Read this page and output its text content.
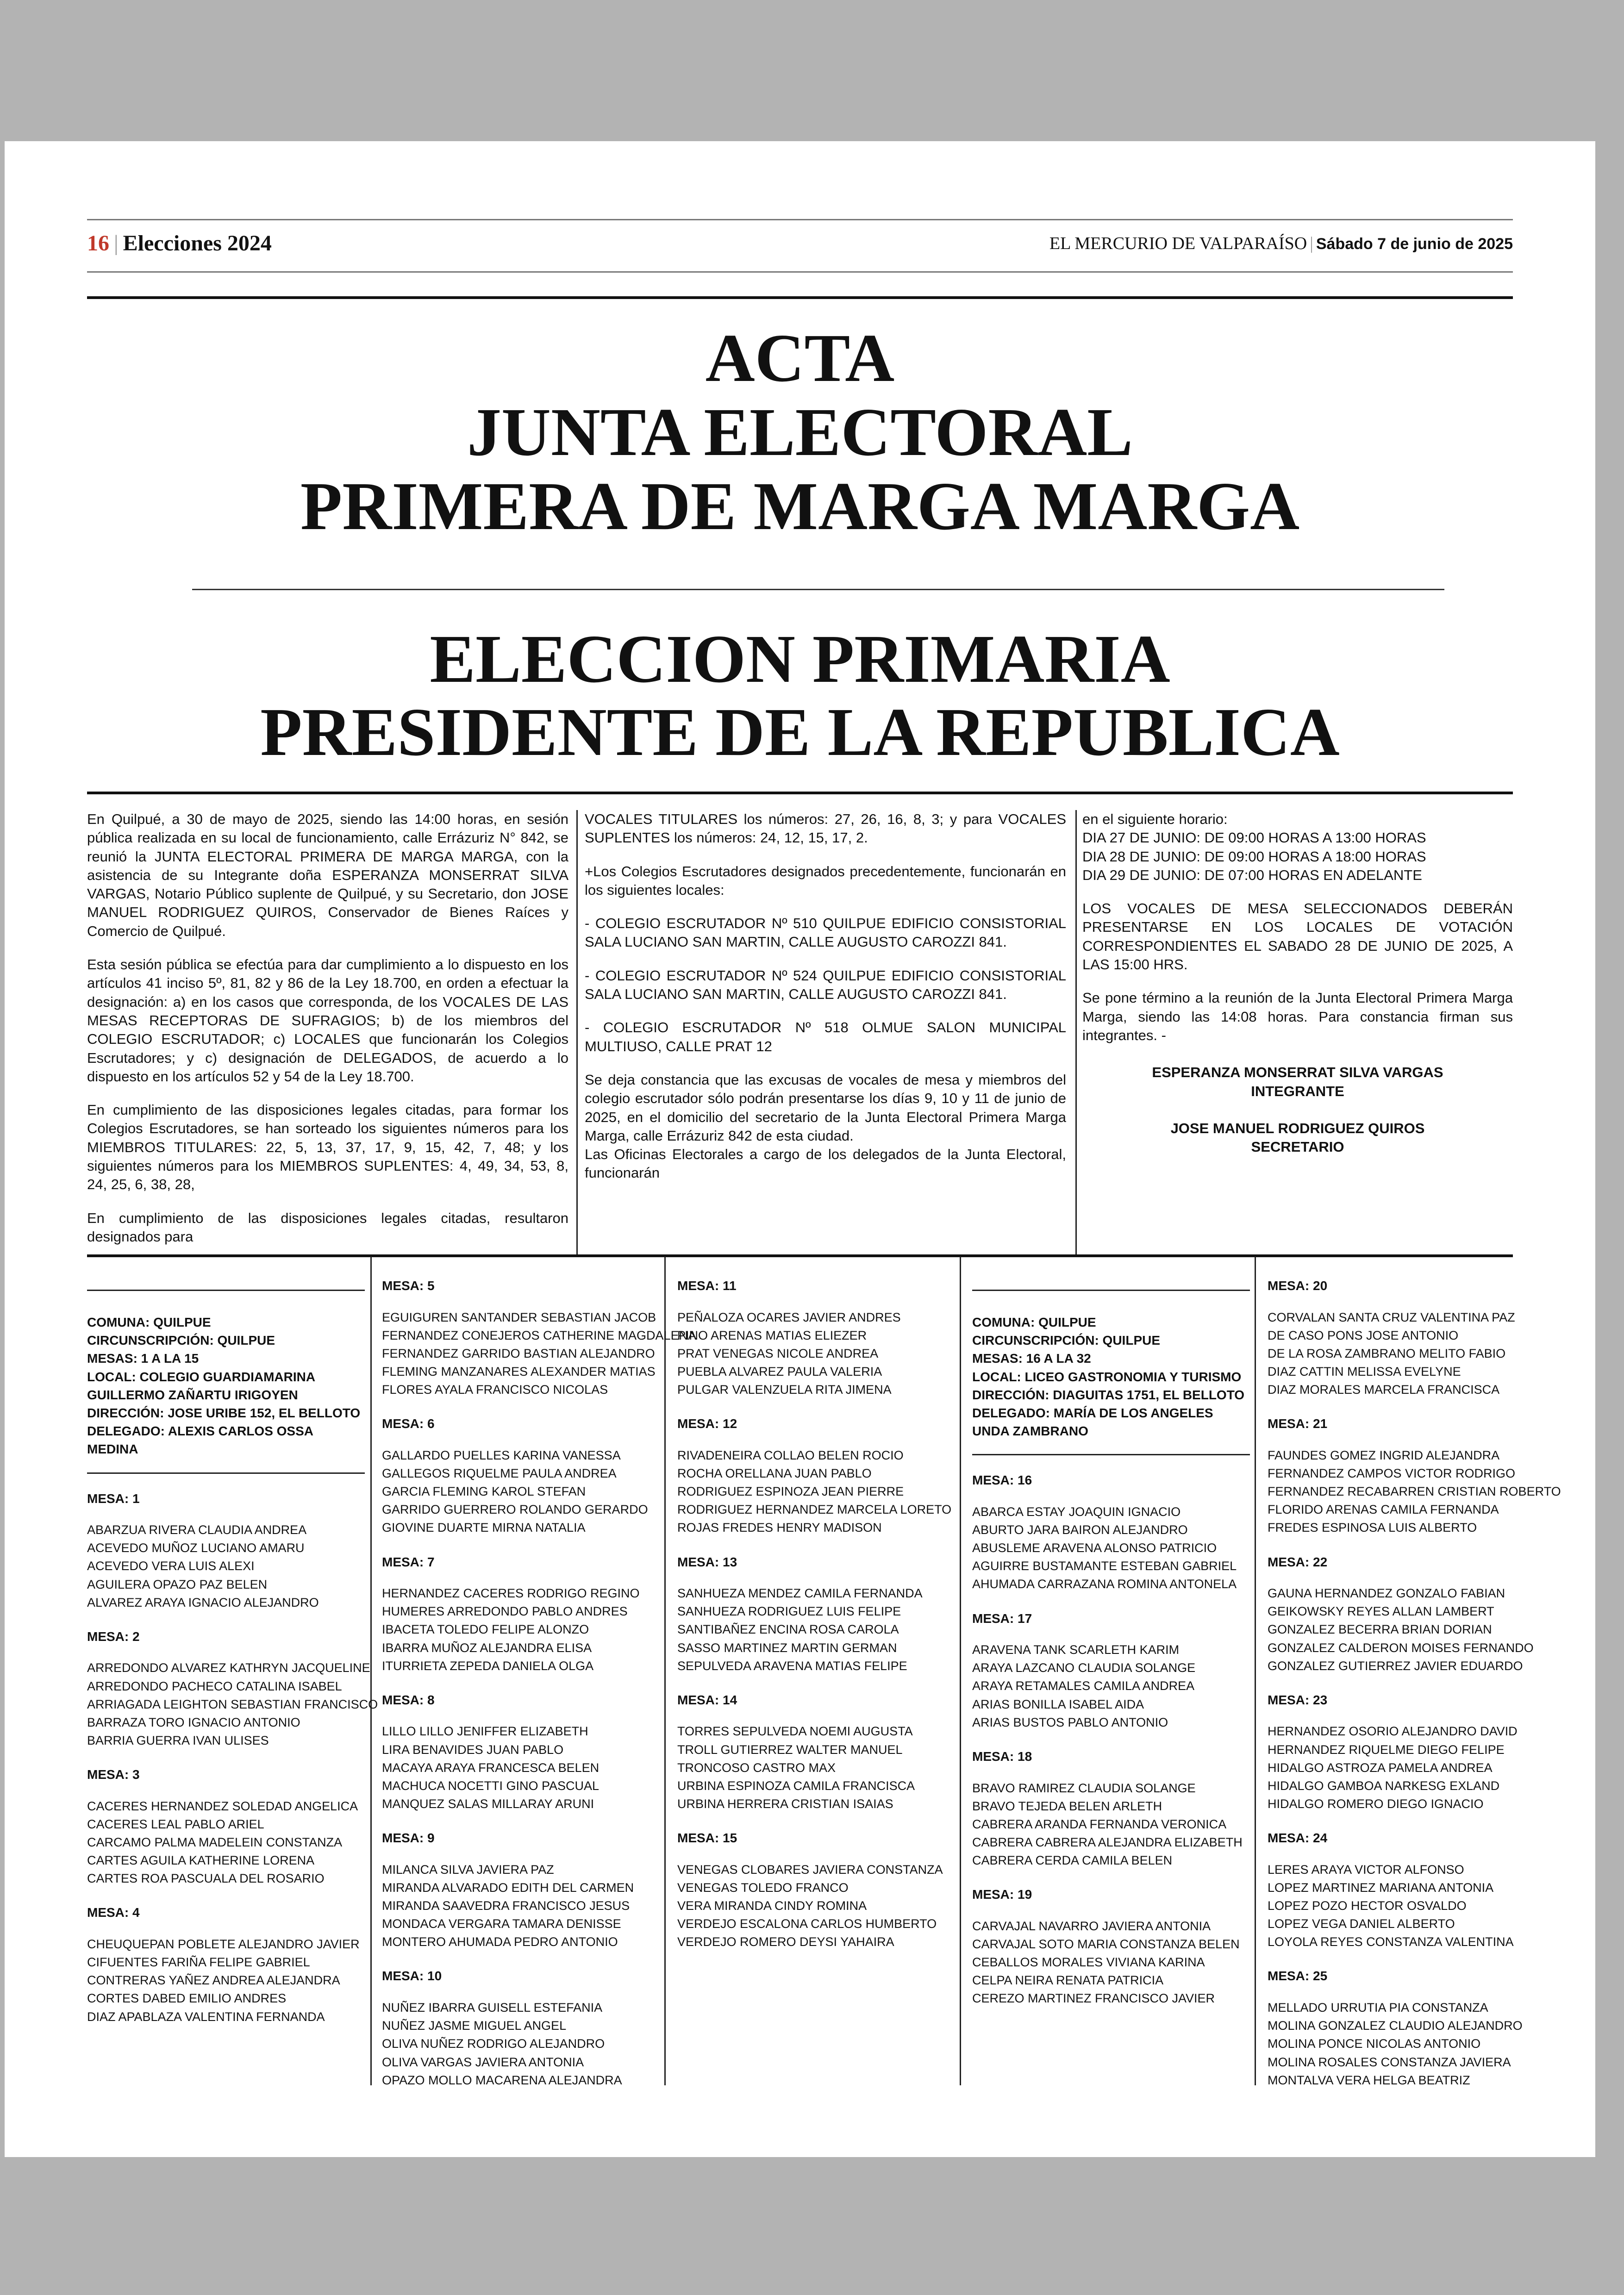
16 | Elecciones 2024	EL MERCURIO DE VALPARAÍSO | Sábado 7 de junio de 2025
ACTA
JUNTA ELECTORAL
PRIMERA DE MARGA MARGA
ELECCION PRIMARIA
PRESIDENTE DE LA REPUBLICA

En Quilpué, a 30 de mayo de 2025, siendo las 14:00 horas, en sesión pública realizada en su local de funcionamiento, calle Errázuriz N° 842, se reunió la JUNTA ELECTORAL PRIMERA DE MARGA MARGA, con la asistencia de su Integrante doña ESPERANZA MONSERRAT SILVA VARGAS, Notario Público suplente de Quilpué, y su Secretario, don JOSE MANUEL RODRIGUEZ QUIROS, Conservador de Bienes Raíces y Comercio de Quilpué.

Esta sesión pública se efectúa para dar cumplimiento a lo dispuesto en los artículos 41 inciso 5º, 81, 82 y 86 de la Ley 18.700, en orden a efectuar la designación: a) en los casos que corresponda, de los VOCALES DE LAS MESAS RECEPTORAS DE SUFRAGIOS; b) de los miembros del COLEGIO ESCRUTADOR; c) LOCALES que funcionarán los Colegios Escrutadores; y c) designación de DELEGADOS, de acuerdo a lo dispuesto en los artículos 52 y 54 de la Ley 18.700.

En cumplimiento de las disposiciones legales citadas, para formar los Colegios Escrutadores, se han sorteado los siguientes números para los MIEMBROS TITULARES: 22, 5, 13, 37, 17, 9, 15, 42, 7, 48; y los siguientes números para los MIEMBROS SUPLENTES: 4, 49, 34, 53, 8, 24, 25, 6, 38, 28,

En cumplimiento de las disposiciones legales citadas, resultaron designados para

VOCALES TITULARES los números: 27, 26, 16, 8, 3; y para VOCALES SUPLENTES los números: 24, 12, 15, 17, 2.

+Los Colegios Escrutadores designados precedentemente, funcionarán en los siguientes locales:

- COLEGIO ESCRUTADOR Nº 510 QUILPUE EDIFICIO CONSISTORIAL SALA LUCIANO SAN MARTIN, CALLE AUGUSTO CAROZZI 841.

- COLEGIO ESCRUTADOR Nº 524 QUILPUE EDIFICIO CONSISTORIAL SALA LUCIANO SAN MARTIN, CALLE AUGUSTO CAROZZI 841.

- COLEGIO ESCRUTADOR Nº 518 OLMUE SALON MUNICIPAL MULTIUSO, CALLE PRAT 12

Se deja constancia que las excusas de vocales de mesa y miembros del colegio escrutador sólo podrán presentarse los días 9, 10 y 11 de junio de 2025, en el domicilio del secretario de la Junta Electoral Primera Marga Marga, calle Errázuriz 842 de esta ciudad.

Las Oficinas Electorales a cargo de los delegados de la Junta Electoral, funcionarán

en el siguiente horario:
DIA 27 DE JUNIO: DE 09:00 HORAS A 13:00 HORAS
DIA 28 DE JUNIO: DE 09:00 HORAS A 18:00 HORAS
DIA 29 DE JUNIO: DE 07:00 HORAS EN ADELANTE

LOS VOCALES DE MESA SELECCIONADOS DEBERÁN PRESENTARSE EN LOS LOCALES DE VOTACIÓN CORRESPONDIENTES EL SABADO 28 DE JUNIO DE 2025, A LAS 15:00 HRS.

Se pone término a la reunión de la Junta Electoral Primera Marga Marga, siendo las 14:08 horas. Para constancia firman sus integrantes. -

ESPERANZA MONSERRAT SILVA VARGAS
INTEGRANTE
JOSE MANUEL RODRIGUEZ QUIROS
SECRETARIO
COMUNA: QUILPUE
CIRCUNSCRIPCIÓN: QUILPUE
MESAS: 1 A LA 15
LOCAL: COLEGIO GUARDIAMARINA GUILLERMO ZAÑARTU IRIGOYEN
DIRECCIÓN: JOSE URIBE 152, EL BELLOTO
DELEGADO: ALEXIS CARLOS OSSA MEDINA
MESA: 1
ABARZUA RIVERA CLAUDIA ANDREA
ACEVEDO MUÑOZ LUCIANO AMARU
ACEVEDO VERA LUIS ALEXI
AGUILERA OPAZO PAZ BELEN
ALVAREZ ARAYA IGNACIO ALEJANDRO
MESA: 2
ARREDONDO ALVAREZ KATHRYN JACQUELINE
ARREDONDO PACHECO CATALINA ISABEL
ARRIAGADA LEIGHTON SEBASTIAN FRANCISCO
BARRAZA TORO IGNACIO ANTONIO
BARRIA GUERRA IVAN ULISES
MESA: 3
CACERES HERNANDEZ SOLEDAD ANGELICA
CACERES LEAL PABLO ARIEL
CARCAMO PALMA MADELEIN CONSTANZA
CARTES AGUILA KATHERINE LORENA
CARTES ROA PASCUALA DEL ROSARIO
MESA: 4
CHEUQUEPAN POBLETE ALEJANDRO JAVIER
CIFUENTES FARIÑA FELIPE GABRIEL
CONTRERAS YAÑEZ ANDREA ALEJANDRA
CORTES DABED EMILIO ANDRES
DIAZ APABLAZA VALENTINA FERNANDA
MESA: 5
EGUIGUREN SANTANDER SEBASTIAN JACOB
FERNANDEZ CONEJEROS CATHERINE MAGDALENA
FERNANDEZ GARRIDO BASTIAN ALEJANDRO
FLEMING MANZANARES ALEXANDER MATIAS
FLORES AYALA FRANCISCO NICOLAS
MESA: 6
GALLARDO PUELLES KARINA VANESSA
GALLEGOS RIQUELME PAULA ANDREA
GARCIA FLEMING KAROL STEFAN
GARRIDO GUERRERO ROLANDO GERARDO
GIOVINE DUARTE MIRNA NATALIA
MESA: 7
HERNANDEZ CACERES RODRIGO REGINO
HUMERES ARREDONDO PABLO ANDRES
IBACETA TOLEDO FELIPE ALONZO
IBARRA MUÑOZ ALEJANDRA ELISA
ITURRIETA ZEPEDA DANIELA OLGA
MESA: 8
LILLO LILLO JENIFFER ELIZABETH
LIRA BENAVIDES JUAN PABLO
MACAYA ARAYA FRANCESCA BELEN
MACHUCA NOCETTI GINO PASCUAL
MANQUEZ SALAS MILLARAY ARUNI
MESA: 9
MILANCA SILVA JAVIERA PAZ
MIRANDA ALVARADO EDITH DEL CARMEN
MIRANDA SAAVEDRA FRANCISCO JESUS
MONDACA VERGARA TAMARA DENISSE
MONTERO AHUMADA PEDRO ANTONIO
MESA: 10
NUÑEZ IBARRA GUISELL ESTEFANIA
NUÑEZ JASME MIGUEL ANGEL
OLIVA NUÑEZ RODRIGO ALEJANDRO
OLIVA VARGAS JAVIERA ANTONIA
OPAZO MOLLO MACARENA ALEJANDRA
MESA: 11
PEÑALOZA OCARES JAVIER ANDRES
PINO ARENAS MATIAS ELIEZER
PRAT VENEGAS NICOLE ANDREA
PUEBLA ALVAREZ PAULA VALERIA
PULGAR VALENZUELA RITA JIMENA
MESA: 12
RIVADENEIRA COLLAO BELEN ROCIO
ROCHA ORELLANA JUAN PABLO
RODRIGUEZ ESPINOZA JEAN PIERRE
RODRIGUEZ HERNANDEZ MARCELA LORETO
ROJAS FREDES HENRY MADISON
MESA: 13
SANHUEZA MENDEZ CAMILA FERNANDA
SANHUEZA RODRIGUEZ LUIS FELIPE
SANTIBAÑEZ ENCINA ROSA CAROLA
SASSO MARTINEZ MARTIN GERMAN
SEPULVEDA ARAVENA MATIAS FELIPE
MESA: 14
TORRES SEPULVEDA NOEMI AUGUSTA
TROLL GUTIERREZ WALTER MANUEL
TRONCOSO CASTRO MAX
URBINA ESPINOZA CAMILA FRANCISCA
URBINA HERRERA CRISTIAN ISAIAS
MESA: 15
VENEGAS CLOBARES JAVIERA CONSTANZA
VENEGAS TOLEDO FRANCO
VERA MIRANDA CINDY ROMINA
VERDEJO ESCALONA CARLOS HUMBERTO
VERDEJO ROMERO DEYSI YAHAIRA
COMUNA: QUILPUE
CIRCUNSCRIPCIÓN: QUILPUE
MESAS: 16 A LA 32
LOCAL: LICEO GASTRONOMIA Y TURISMO
DIRECCIÓN: DIAGUITAS 1751, EL BELLOTO
DELEGADO: MARÍA DE LOS ANGELES UNDA ZAMBRANO
MESA: 16
ABARCA ESTAY JOAQUIN IGNACIO
ABURTO JARA BAIRON ALEJANDRO
ABUSLEME ARAVENA ALONSO PATRICIO
AGUIRRE BUSTAMANTE ESTEBAN GABRIEL
AHUMADA CARRAZANA ROMINA ANTONELA
MESA: 17
ARAVENA TANK SCARLETH KARIM
ARAYA LAZCANO CLAUDIA SOLANGE
ARAYA RETAMALES CAMILA ANDREA
ARIAS BONILLA ISABEL AIDA
ARIAS BUSTOS PABLO ANTONIO
MESA: 18
BRAVO RAMIREZ CLAUDIA SOLANGE
BRAVO TEJEDA BELEN ARLETH
CABRERA ARANDA FERNANDA VERONICA
CABRERA CABRERA ALEJANDRA ELIZABETH
CABRERA CERDA CAMILA BELEN
MESA: 19
CARVAJAL NAVARRO JAVIERA ANTONIA
CARVAJAL SOTO MARIA CONSTANZA BELEN
CEBALLOS MORALES VIVIANA KARINA
CELPA NEIRA RENATA PATRICIA
CEREZO MARTINEZ FRANCISCO JAVIER
MESA: 20
CORVALAN SANTA CRUZ VALENTINA PAZ
DE CASO PONS JOSE ANTONIO
DE LA ROSA ZAMBRANO MELITO FABIO
DIAZ CATTIN MELISSA EVELYNE
DIAZ MORALES MARCELA FRANCISCA
MESA: 21
FAUNDES GOMEZ INGRID ALEJANDRA
FERNANDEZ CAMPOS VICTOR RODRIGO
FERNANDEZ RECABARREN CRISTIAN ROBERTO
FLORIDO ARENAS CAMILA FERNANDA
FREDES ESPINOSA LUIS ALBERTO
MESA: 22
GAUNA HERNANDEZ GONZALO FABIAN
GEIKOWSKY REYES ALLAN LAMBERT
GONZALEZ BECERRA BRIAN DORIAN
GONZALEZ CALDERON MOISES FERNANDO
GONZALEZ GUTIERREZ JAVIER EDUARDO
MESA: 23
HERNANDEZ OSORIO ALEJANDRO DAVID
HERNANDEZ RIQUELME DIEGO FELIPE
HIDALGO ASTROZA PAMELA ANDREA
HIDALGO GAMBOA NARKESG EXLAND
HIDALGO ROMERO DIEGO IGNACIO
MESA: 24
LERES ARAYA VICTOR ALFONSO
LOPEZ MARTINEZ MARIANA ANTONIA
LOPEZ POZO HECTOR OSVALDO
LOPEZ VEGA DANIEL ALBERTO
LOYOLA REYES CONSTANZA VALENTINA
MESA: 25
MELLADO URRUTIA PIA CONSTANZA
MOLINA GONZALEZ CLAUDIO ALEJANDRO
MOLINA PONCE NICOLAS ANTONIO
MOLINA ROSALES CONSTANZA JAVIERA
MONTALVA VERA HELGA BEATRIZ
